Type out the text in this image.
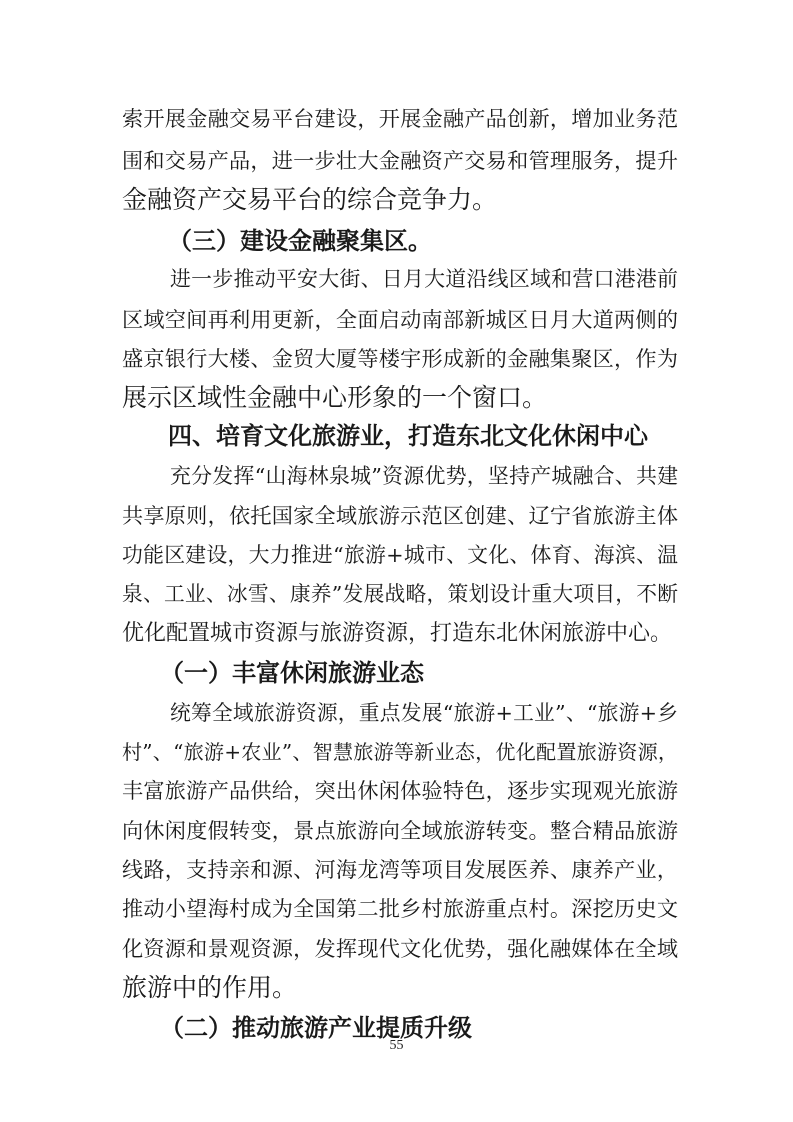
索开展金融交易平台建设，开展金融产品创新，增加业务范
围和交易产品，进一步壮大金融资产交易和管理服务，提升
金融资产交易平台的综合竞争力。
（三）建设金融聚集区。
进一步推动平安大街、日月大道沿线区域和营口港港前
区域空间再利用更新，全面启动南部新城区日月大道两侧的
盛京银行大楼、金贸大厦等楼宇形成新的金融集聚区，作为
展示区域性金融中心形象的一个窗口。
四、培育文化旅游业，打造东北文化休闲中心
充分发挥“山海林泉城”资源优势，坚持产城融合、共建
共享原则，依托国家全域旅游示范区创建、辽宁省旅游主体
功能区建设，大力推进“旅游+城市、文化、体育、海滨、温
泉、工业、冰雪、康养”发展战略，策划设计重大项目，不断
优化配置城市资源与旅游资源，打造东北休闲旅游中心。
（一）丰富休闲旅游业态
统筹全域旅游资源，重点发展“旅游+工业”、“旅游+乡
村”、“旅游+农业”、智慧旅游等新业态，优化配置旅游资源，
丰富旅游产品供给，突出休闲体验特色，逐步实现观光旅游
向休闲度假转变，景点旅游向全域旅游转变。整合精品旅游
线路，支持亲和源、河海龙湾等项目发展医养、康养产业，
推动小望海村成为全国第二批乡村旅游重点村。深挖历史文
化资源和景观资源，发挥现代文化优势，强化融媒体在全域
旅游中的作用。
（二）推动旅游产业提质升级
55
